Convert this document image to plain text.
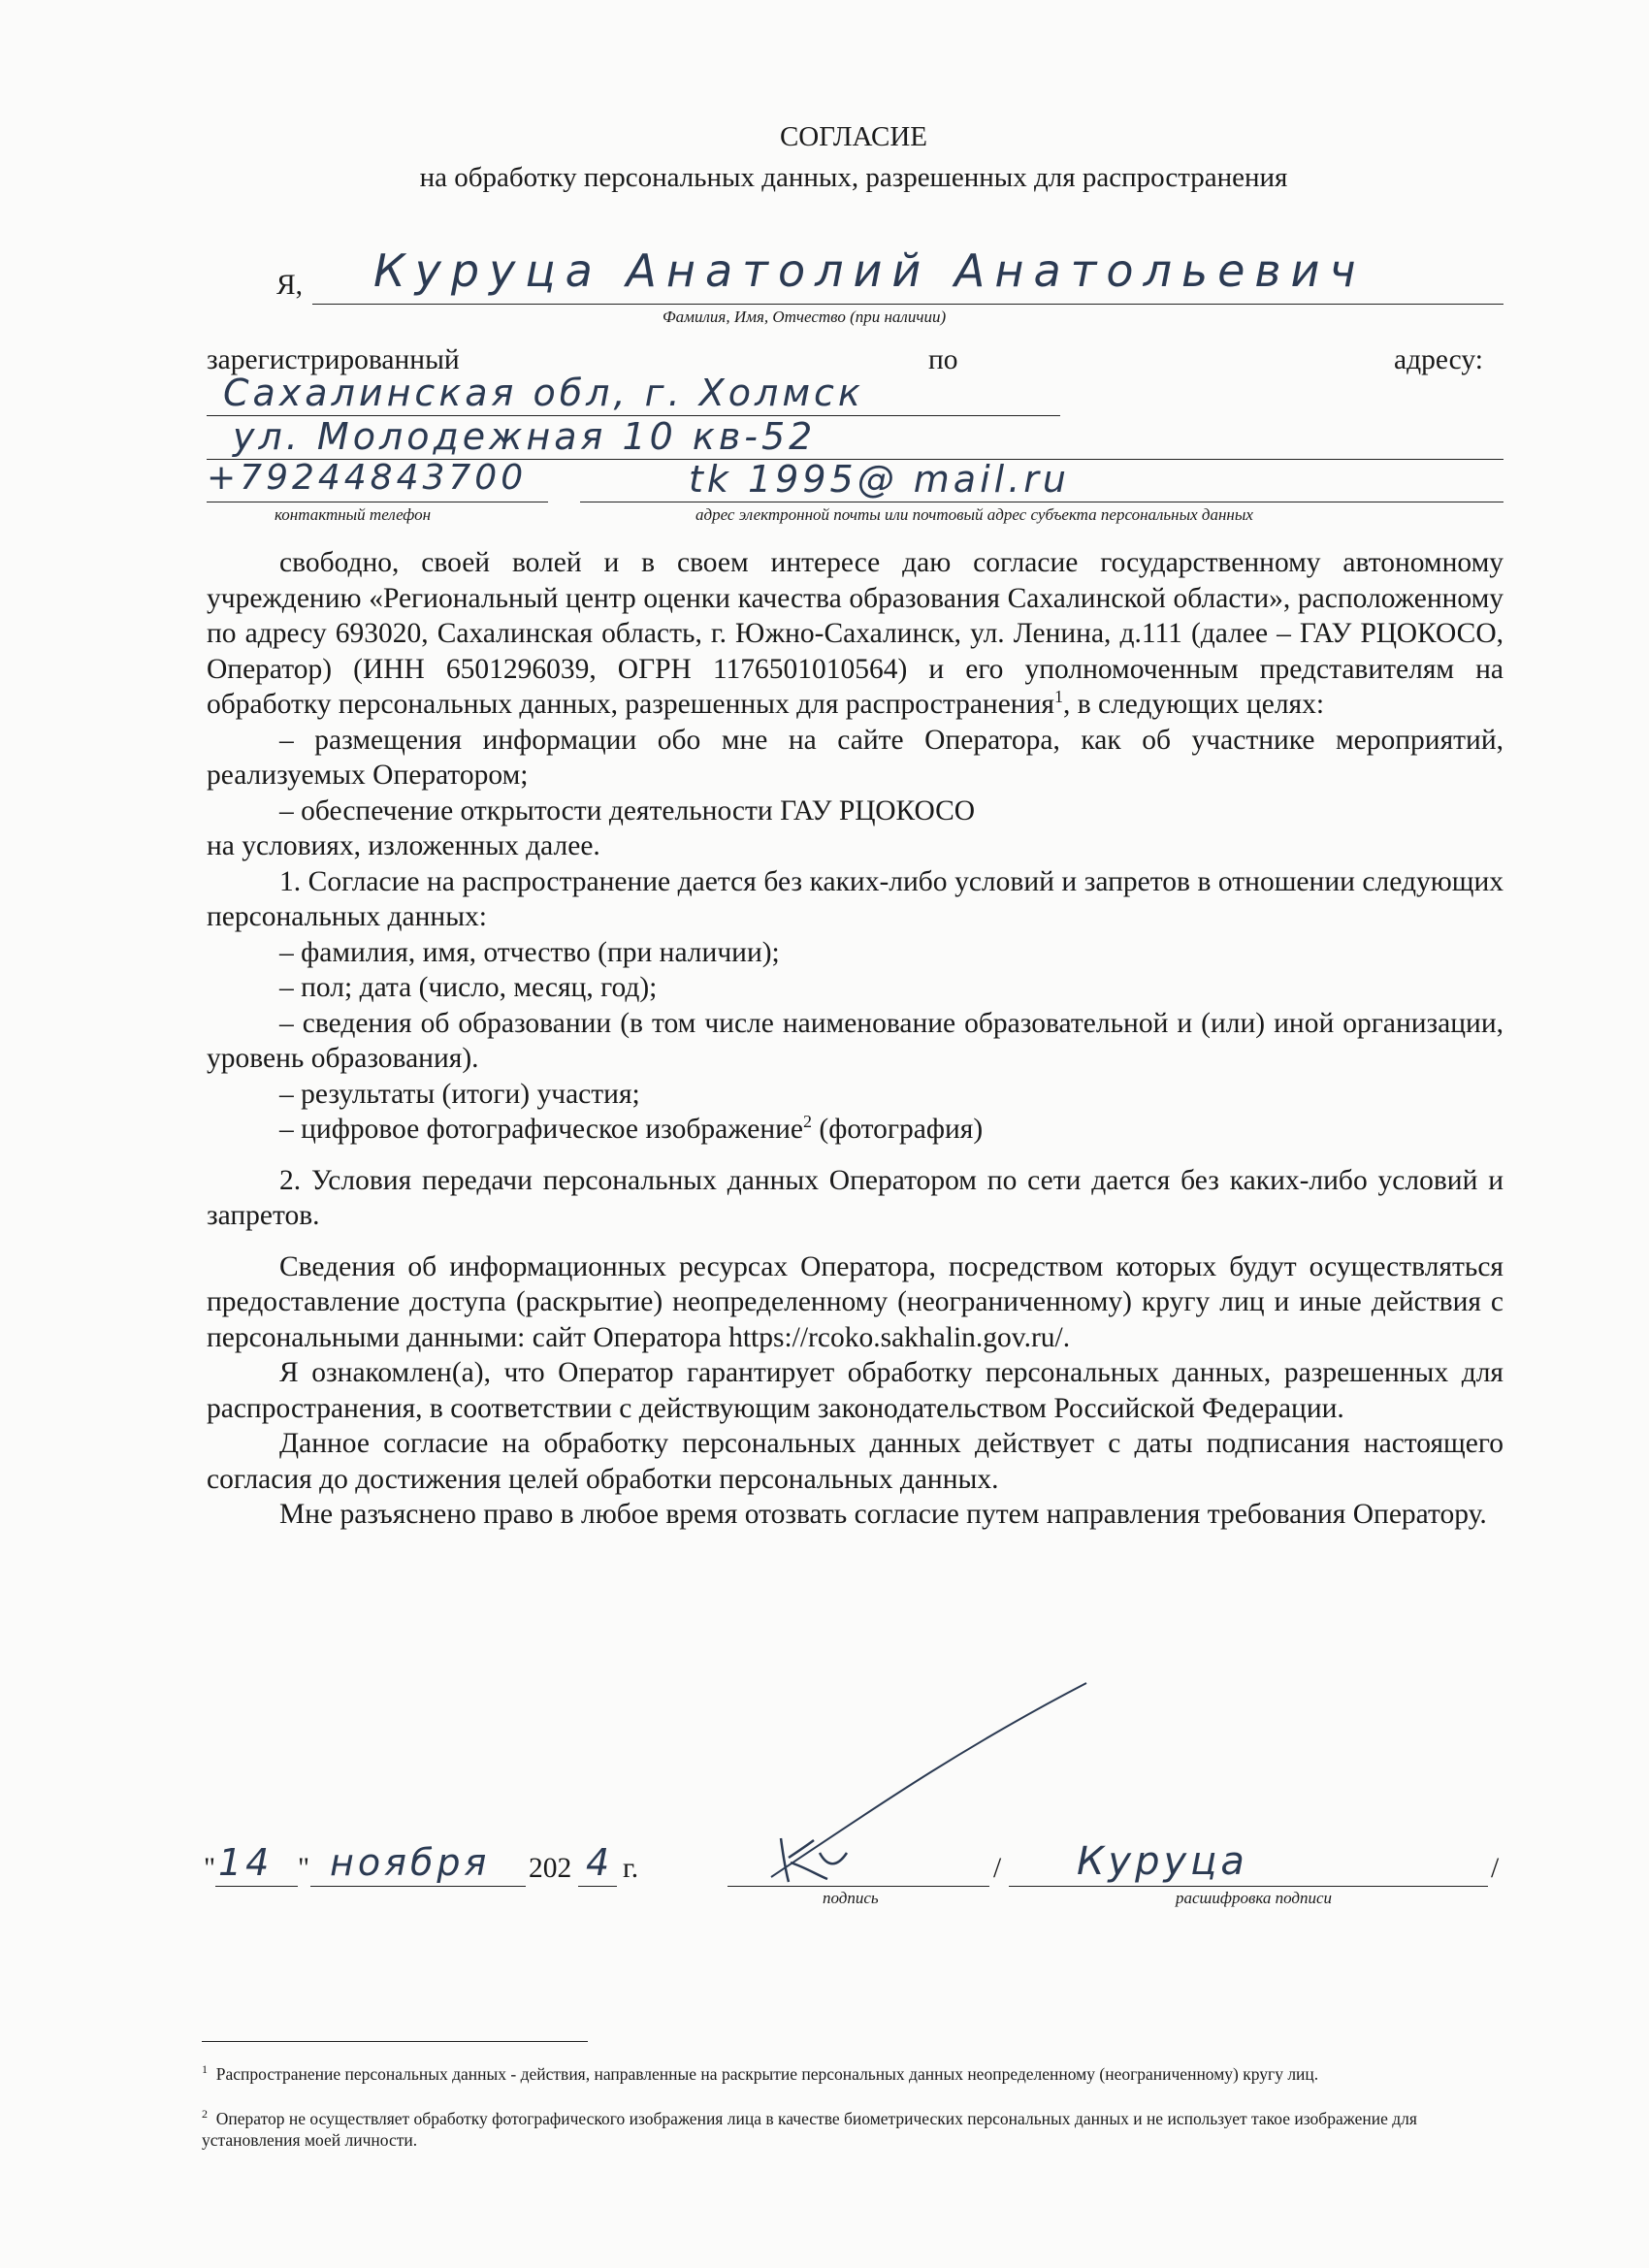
СОГЛАСИЕ
на обработку персональных данных, разрешенных для распространения
Я, Куруца Анатолий Анатольевич
Фамилия, Имя, Отчество (при наличии)
зарегистрированный	по	адресу:
Сахалинская обл, г. Холмск
ул. Молодежная 10 кв-52
+79244843700
контактный телефон
tk 1995@ mail.ru
адрес электронной почты или почтовый адрес субъекта персональных данных

свободно, своей волей и в своем интересе даю согласие государственному автономному учреждению «Региональный центр оценки качества образования Сахалинской области», расположенному по адресу 693020, Сахалинская область, г. Южно-Сахалинск, ул. Ленина, д.111 (далее – ГАУ РЦОКОСО, Оператор) (ИНН 6501296039, ОГРН 1176501010564) и его уполномоченным представителям на обработку персональных данных, разрешенных для распространения$^1$, в следующих целях:

– размещения информации обо мне на сайте Оператора, как об участнике мероприятий, реализуемых Оператором;

– обеспечение открытости деятельности ГАУ РЦОКОСО

на условиях, изложенных далее.

1. Согласие на распространение дается без каких-либо условий и запретов в отношении следующих персональных данных:

– фамилия, имя, отчество (при наличии);

– пол; дата (число, месяц, год);

– сведения об образовании (в том числе наименование образовательной и (или) иной организации, уровень образования).

– результаты (итоги) участия;

– цифровое фотографическое изображение$^2$ (фотография)

2. Условия передачи персональных данных Оператором по сети дается без каких-либо условий и запретов.

Сведения об информационных ресурсах Оператора, посредством которых будут осуществляться предоставление доступа (раскрытие) неопределенному (неограниченному) кругу лиц и иные действия с персональными данными: сайт Оператора https://rcoko.sakhalin.gov.ru/.

Я ознакомлен(а), что Оператор гарантирует обработку персональных данных, разрешенных для распространения, в соответствии с действующим законодательством Российской Федерации.

Данное согласие на обработку персональных данных действует с даты подписания настоящего согласия до достижения целей обработки персональных данных.

Мне разъяснено право в любое время отозвать согласие путем направления требования Оператору.

" 14 " ноября 202 4 г.
подпись
/ Куруца
расшифровка подписи
/
$^1$ Распространение персональных данных - действия, направленные на раскрытие персональных данных неопределенному (неограниченному) кругу лиц.
$^2$ Оператор не осуществляет обработку фотографического изображения лица в качестве биометрических персональных данных и не использует такое изображение для установления моей личности.
